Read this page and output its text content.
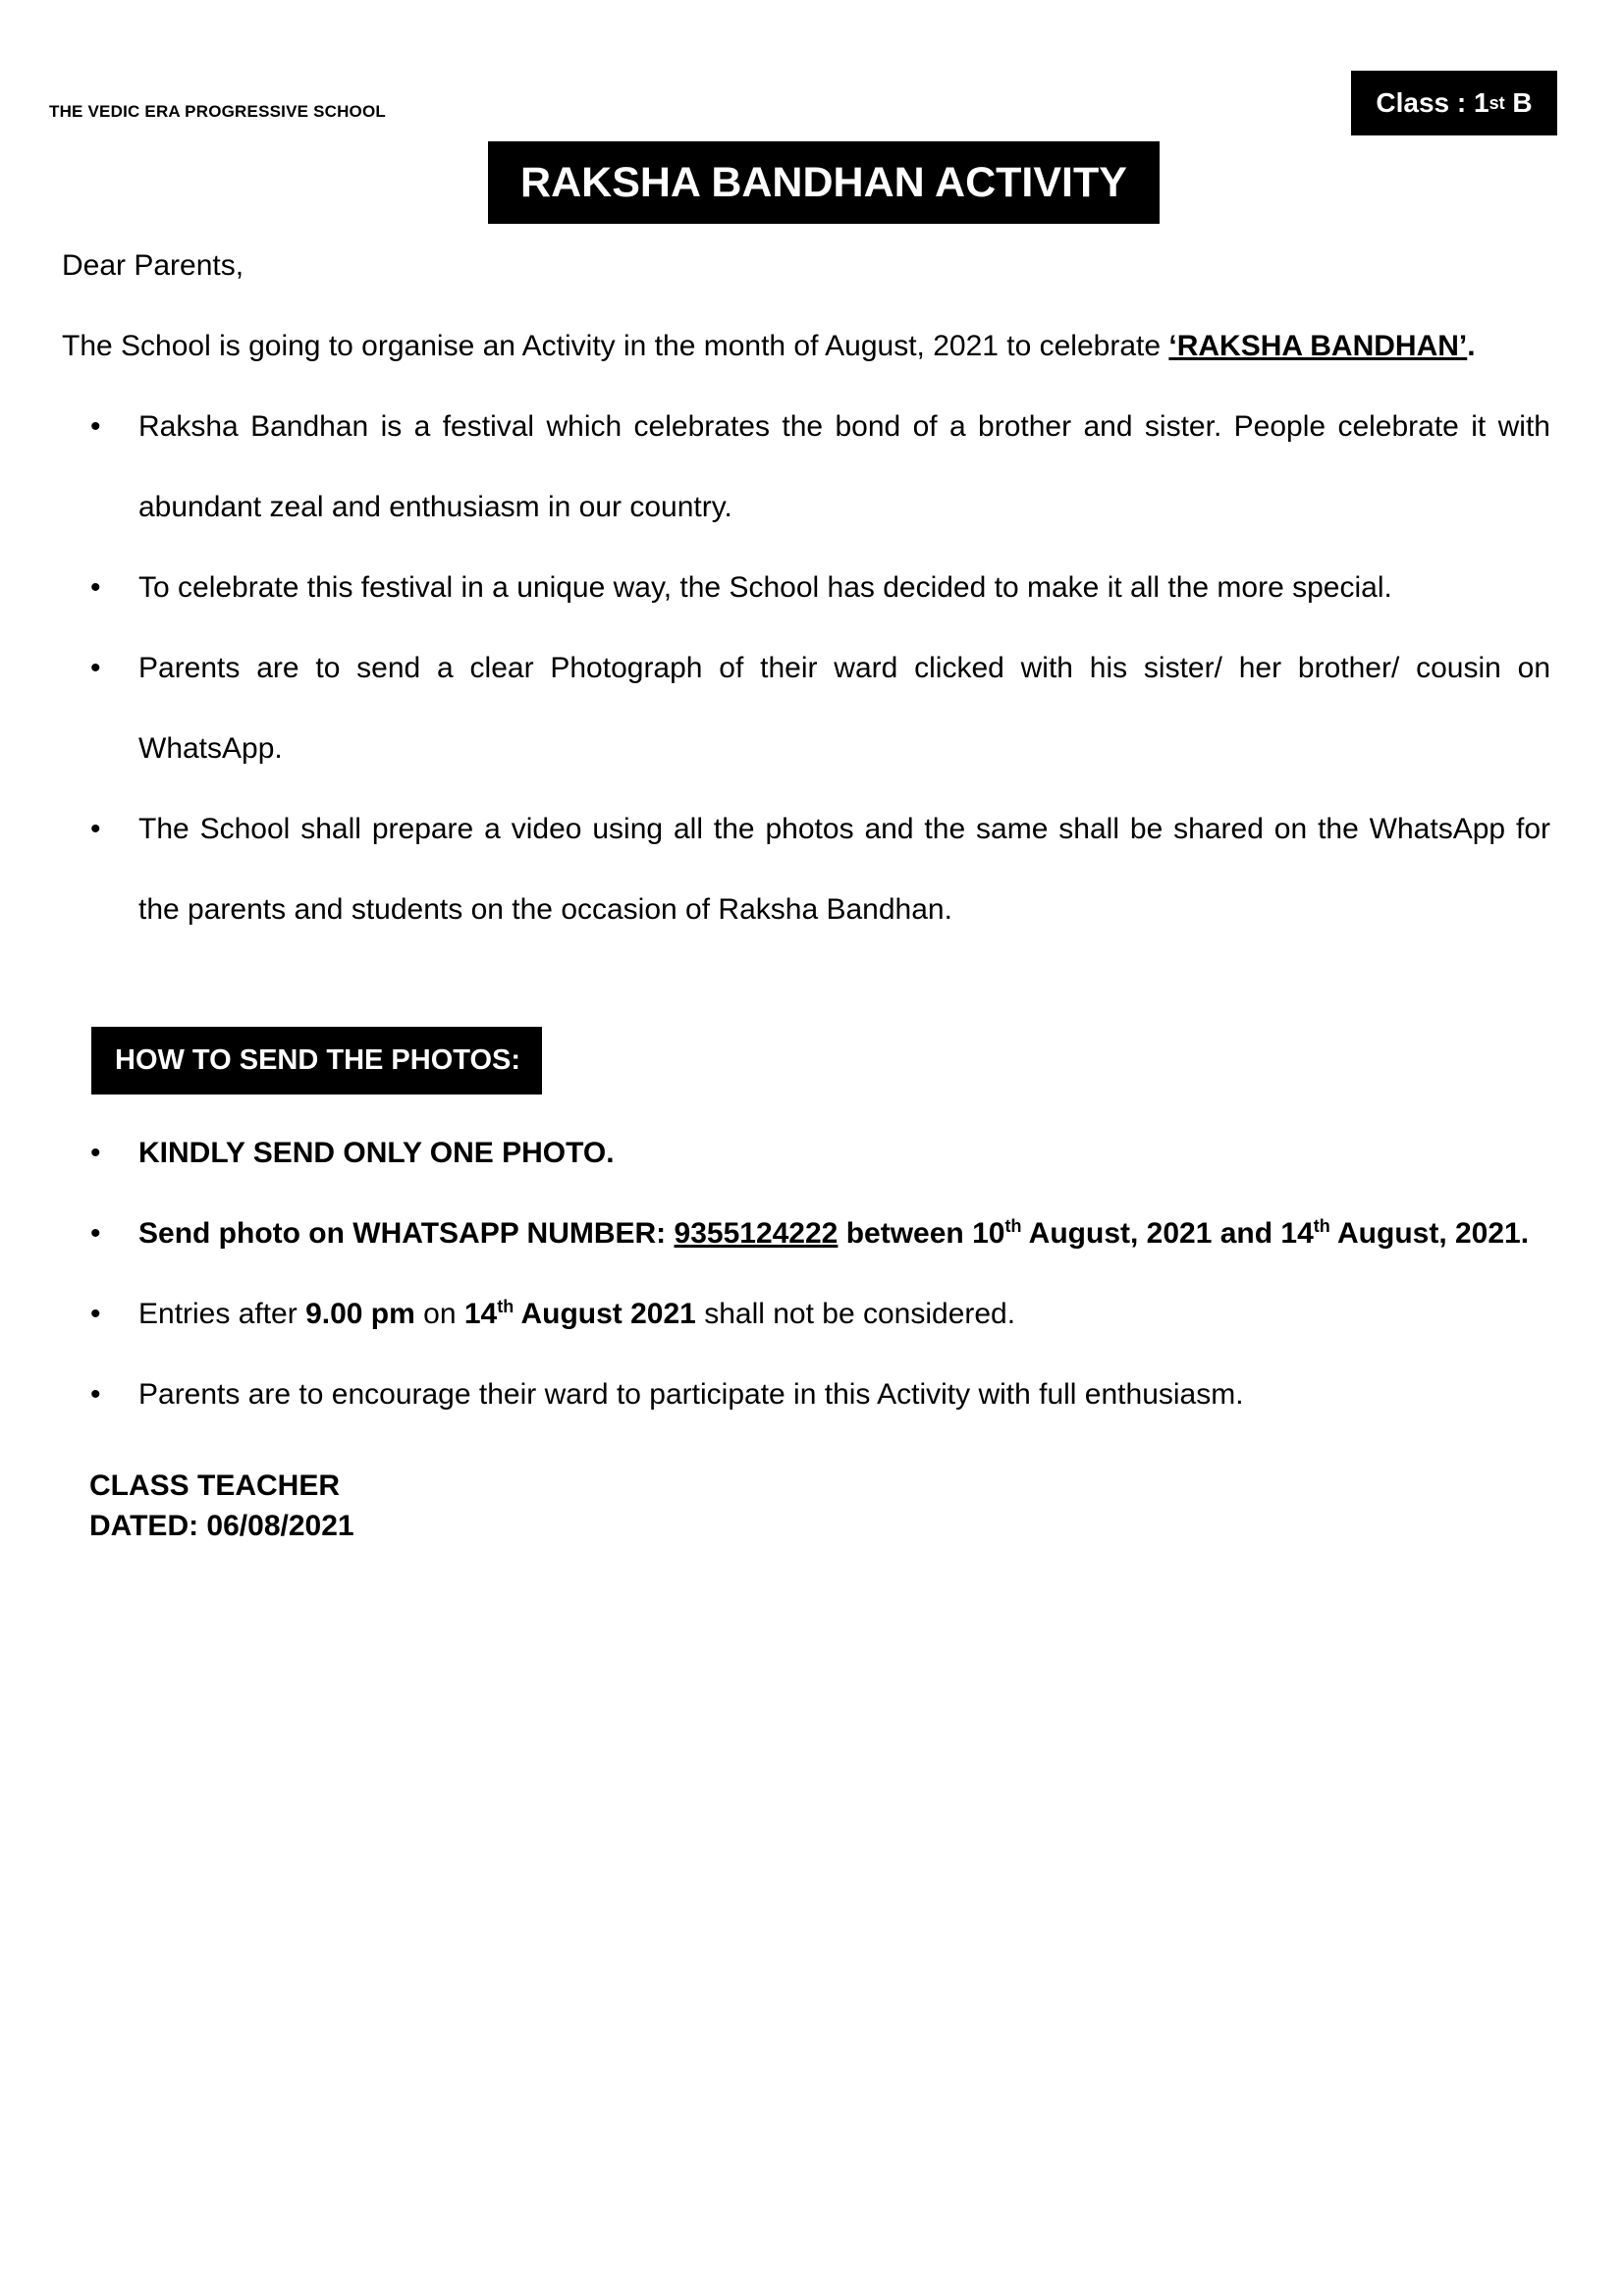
THE VEDIC ERA PROGRESSIVE SCHOOL	Class : 1 st B
RAKSHA BANDHAN ACTIVITY
Dear Parents,
The School is going to organise an Activity in the month of August, 2021 to celebrate ‘RAKSHA BANDHAN’.
• Raksha Bandhan is a festival which celebrates the bond of a brother and sister. People celebrate it with
abundant zeal and enthusiasm in our country.
• To celebrate this festival in a unique way, the School has decided to make it all the more special.
• Parents are to send a clear Photograph of their ward clicked with his sister/ her brother/ cousin on
WhatsApp.
• The School shall prepare a video using all the photos and the same shall be shared on the WhatsApp for
the parents and students on the occasion of Raksha Bandhan.
HOW TO SEND THE PHOTOS:
• KINDLY SEND ONLY ONE PHOTO.
• Send photo on WHATSAPP NUMBER: 9355124222 between 10th August, 2021 and 14th August, 2021.
• Entries after 9.00 pm on 14th August 2021 shall not be considered.
• Parents are to encourage their ward to participate in this Activity with full enthusiasm.
CLASS TEACHER
DATED: 06/08/2021
